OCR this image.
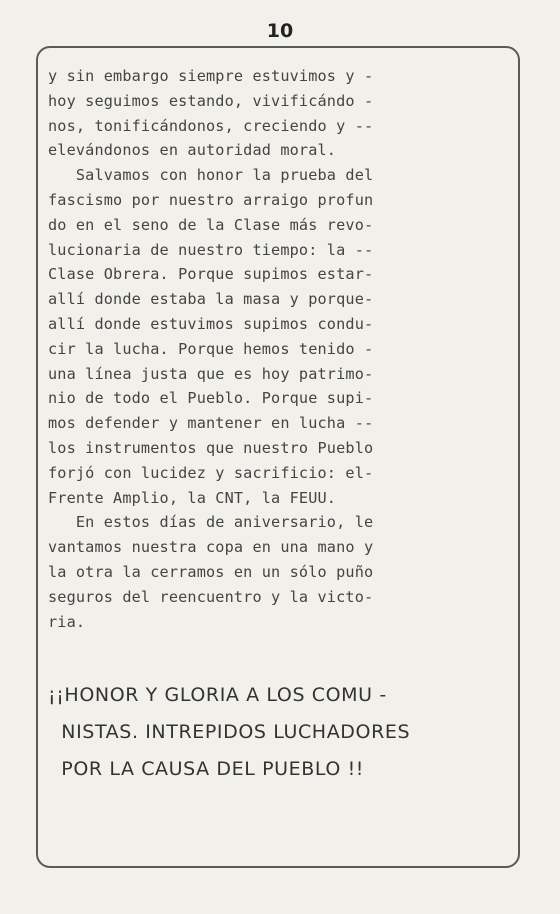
10
y sin embargo siempre estuvimos y -
hoy seguimos estando, vivificándo -
nos, tonificándonos, creciendo y --
elevándonos en autoridad moral.
Salvamos con honor la prueba del
fascismo por nuestro arraigo profun
do en el seno de la Clase más revo-
lucionaria de nuestro tiempo: la --
Clase Obrera. Porque supimos estar-
allí donde estaba la masa y porque-
allí donde estuvimos supimos condu-
cir la lucha. Porque hemos tenido -
una línea justa que es hoy patrimo-
nio de todo el Pueblo. Porque supi-
mos defender y mantener en lucha --
los instrumentos que nuestro Pueblo
forjó con lucidez y sacrificio: el-
Frente Amplio, la CNT, la FEUU.
En estos días de aniversario, le
vantamos nuestra copa en una mano y
la otra la cerramos en un sólo puño
seguros del reencuentro y la victo-
ria.
¡¡HONOR Y GLORIA A LOS COMU -
NISTAS. INTREPIDOS LUCHADORES
POR LA CAUSA DEL PUEBLO !!
